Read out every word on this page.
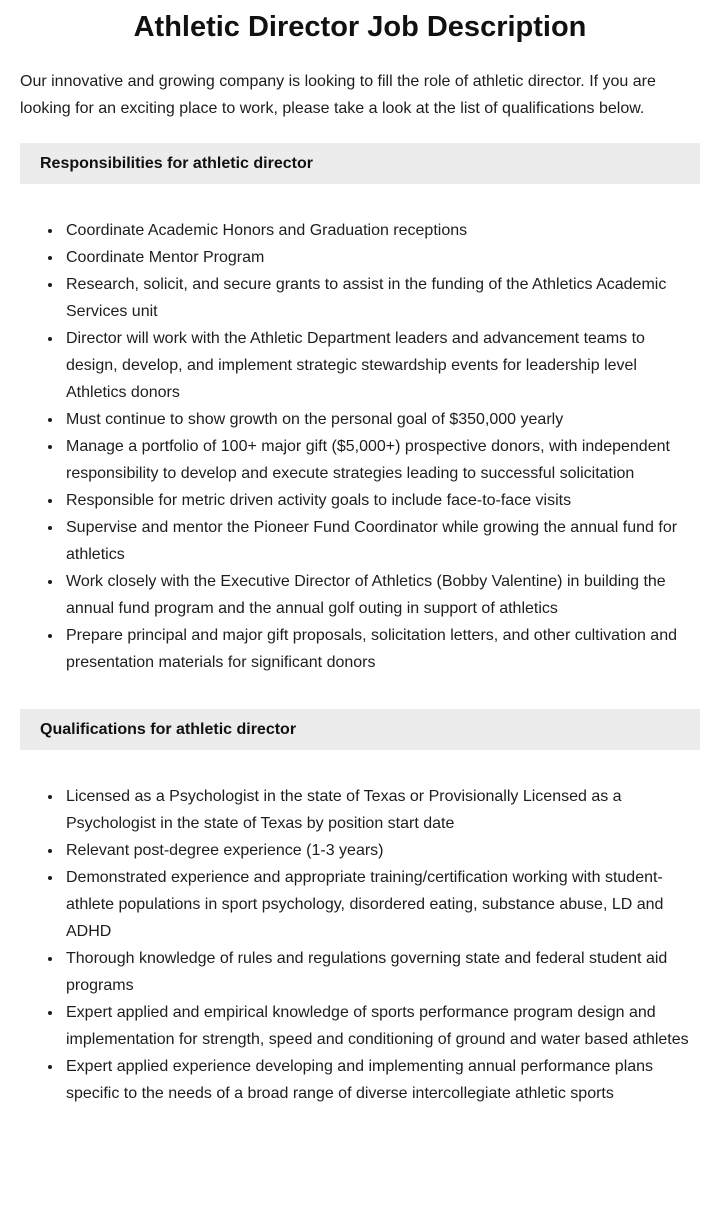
Athletic Director Job Description

Our innovative and growing company is looking to fill the role of athletic director. If you are looking for an exciting place to work, please take a look at the list of qualifications below.

Responsibilities for athletic director
• Coordinate Academic Honors and Graduation receptions
• Coordinate Mentor Program
• Research, solicit, and secure grants to assist in the funding of the Athletics Academic Services unit
• Director will work with the Athletic Department leaders and advancement teams to design, develop, and implement strategic stewardship events for leadership level Athletics donors
• Must continue to show growth on the personal goal of $350,000 yearly
• Manage a portfolio of 100+ major gift ($5,000+) prospective donors, with independent responsibility to develop and execute strategies leading to successful solicitation
• Responsible for metric driven activity goals to include face-to-face visits
• Supervise and mentor the Pioneer Fund Coordinator while growing the annual fund for athletics
• Work closely with the Executive Director of Athletics (Bobby Valentine) in building the annual fund program and the annual golf outing in support of athletics
• Prepare principal and major gift proposals, solicitation letters, and other cultivation and presentation materials for significant donors
Qualifications for athletic director
• Licensed as a Psychologist in the state of Texas or Provisionally Licensed as a Psychologist in the state of Texas by position start date
• Relevant post-degree experience (1-3 years)
• Demonstrated experience and appropriate training/certification working with student-athlete populations in sport psychology, disordered eating, substance abuse, LD and ADHD
• Thorough knowledge of rules and regulations governing state and federal student aid programs
• Expert applied and empirical knowledge of sports performance program design and implementation for strength, speed and conditioning of ground and water based athletes
• Expert applied experience developing and implementing annual performance plans specific to the needs of a broad range of diverse intercollegiate athletic sports
